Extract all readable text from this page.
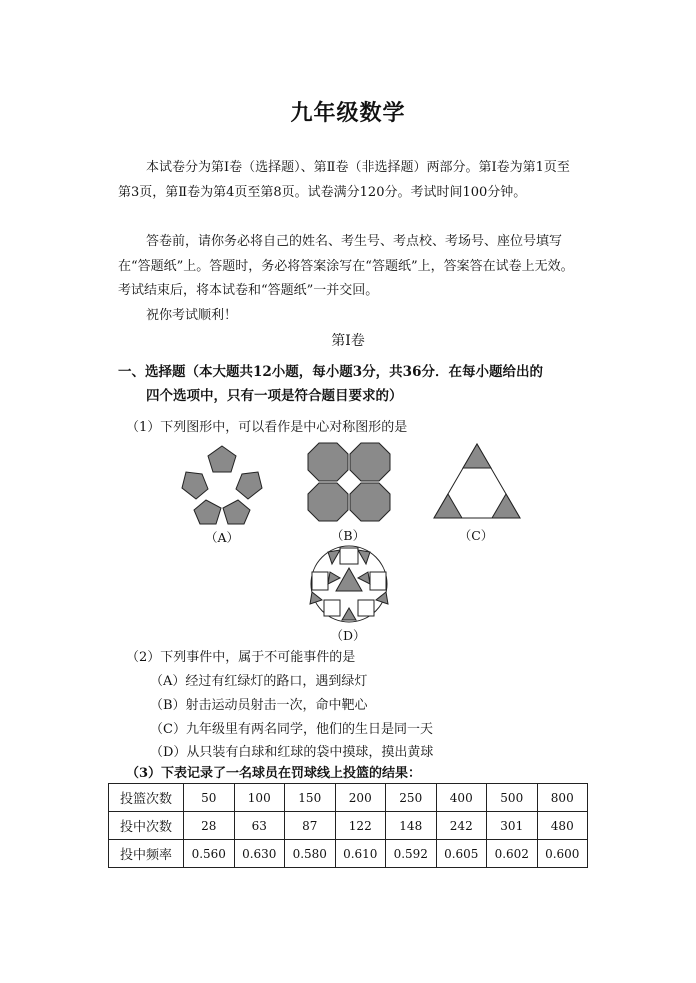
九年级数学
本试卷分为第Ⅰ卷（选择题）、第Ⅱ卷（非选择题）两部分。第Ⅰ卷为第1页至第3页，第Ⅱ卷为第4页至第8页。试卷满分120分。考试时间100分钟。
答卷前，请你务必将自己的姓名、考生号、考点校、考场号、座位号填写在“答题纸”上。答题时，务必将答案涂写在“答题纸”上，答案答在试卷上无效。考试结束后，将本试卷和“答题纸”一并交回。
祝你考试顺利！
第Ⅰ卷
一、选择题（本大题共12小题，每小题3分，共36分．在每小题给出的
四个选项中，只有一项是符合题目要求的）
（1）下列图形中，可以看作是中心对称图形的是
（A）	（B）	（C）
（D）
（2）下列事件中，属于不可能事件的是
（A）经过有红绿灯的路口，遇到绿灯
（B）射击运动员射击一次，命中靶心
（C）九年级里有两名同学，他们的生日是同一天
（D）从只装有白球和红球的袋中摸球，摸出黄球
（3）下表记录了一名球员在罚球线上投篮的结果：
投篮次数	50	100	150	200	250	400	500	800
投中次数	28	63	87	122	148	242	301	480
投中频率	0.560	0.630	0.580	0.610	0.592	0.605	0.602	0.600
